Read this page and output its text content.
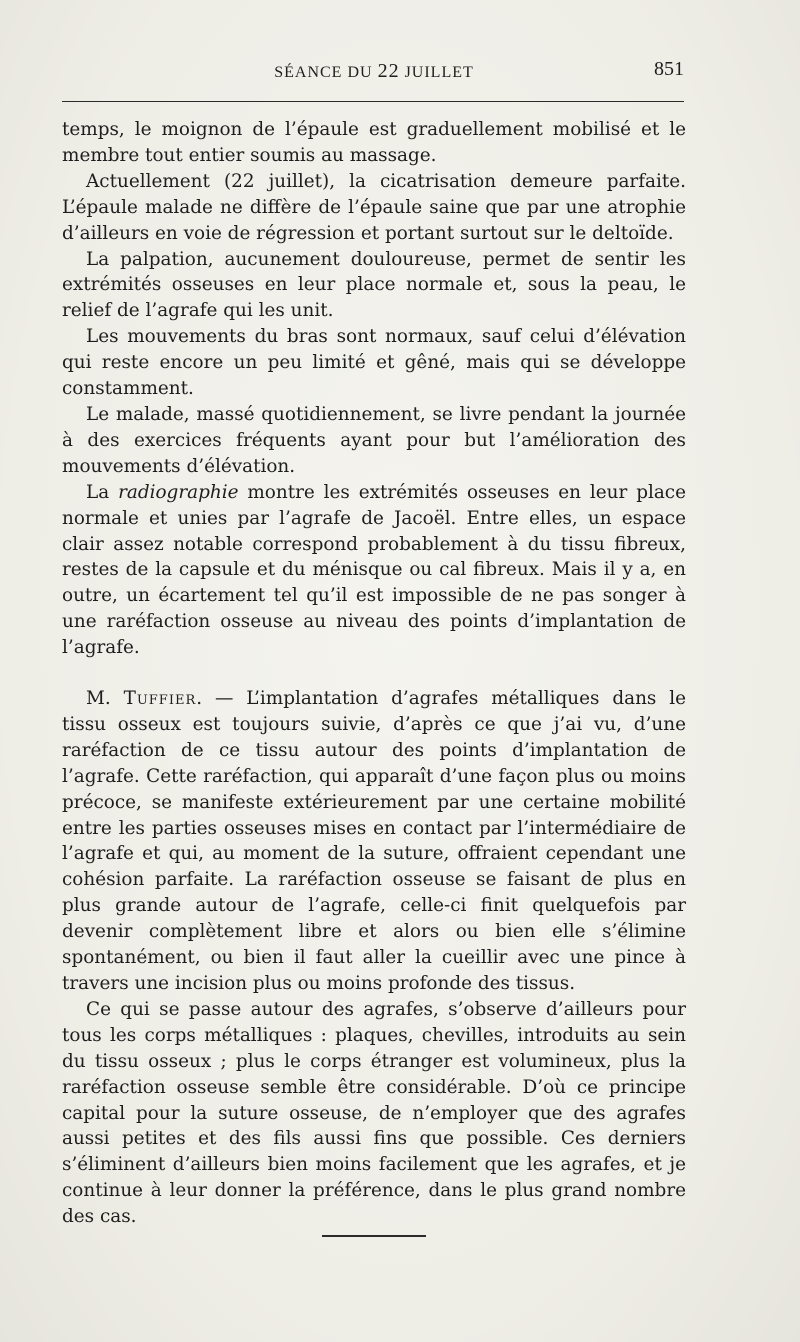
SÉANCE DU 22 JUILLET	851

temps, le moignon de l’épaule est graduellement mobilisé et le membre tout entier soumis au massage.

Actuellement (22 juillet), la cicatrisation demeure parfaite. L’épaule malade ne diffère de l’épaule saine que par une atrophie d’ailleurs en voie de régression et portant surtout sur le deltoïde.

La palpation, aucunement douloureuse, permet de sentir les extrémités osseuses en leur place normale et, sous la peau, le relief de l’agrafe qui les unit.

Les mouvements du bras sont normaux, sauf celui d’élévation qui reste encore un peu limité et gêné, mais qui se développe constamment.

Le malade, massé quotidiennement, se livre pendant la journée à des exercices fréquents ayant pour but l’amélioration des mouvements d’élévation.

La radiographie montre les extrémités osseuses en leur place normale et unies par l’agrafe de Jacoël. Entre elles, un espace clair assez notable correspond probablement à du tissu fibreux, restes de la capsule et du ménisque ou cal fibreux. Mais il y a, en outre, un écartement tel qu’il est impossible de ne pas songer à une raréfaction osseuse au niveau des points d’implantation de l’agrafe.

M. Tuffier. — L’implantation d’agrafes métalliques dans le tissu osseux est toujours suivie, d’après ce que j’ai vu, d’une raréfaction de ce tissu autour des points d’implantation de l’agrafe. Cette raréfaction, qui apparaît d’une façon plus ou moins précoce, se manifeste extérieurement par une certaine mobilité entre les parties osseuses mises en contact par l’intermédiaire de l’agrafe et qui, au moment de la suture, offraient cependant une cohésion parfaite. La raréfaction osseuse se faisant de plus en plus grande autour de l’agrafe, celle-ci finit quelquefois par devenir complètement libre et alors ou bien elle s’élimine spontanément, ou bien il faut aller la cueillir avec une pince à travers une incision plus ou moins profonde des tissus.

Ce qui se passe autour des agrafes, s’observe d’ailleurs pour tous les corps métalliques : plaques, chevilles, introduits au sein du tissu osseux ; plus le corps étranger est volumineux, plus la raréfaction osseuse semble être considérable. D’où ce principe capital pour la suture osseuse, de n’employer que des agrafes aussi petites et des fils aussi fins que possible. Ces derniers s’éliminent d’ailleurs bien moins facilement que les agrafes, et je continue à leur donner la préférence, dans le plus grand nombre des cas.
